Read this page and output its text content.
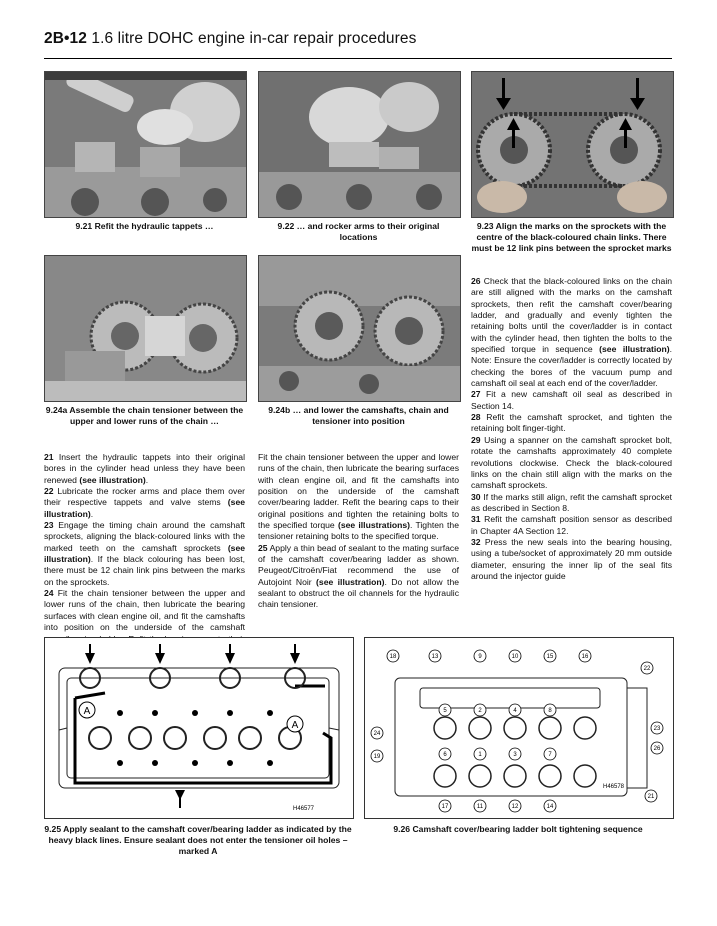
2B•12 1.6 litre DOHC engine in-car repair procedures
9.21 Refit the hydraulic tappets …	9.22 … and rocker arms to their original locations
9.23 Align the marks on the sprockets with the centre of the black-coloured chain links. There must be 12 link pins between the sprocket marks
9.24a Assemble the chain tensioner between the upper and lower runs of the chain …
9.24b … and lower the camshafts, chain and tensioner into position

26 Check that the black-coloured links on the chain are still aligned with the marks on the camshaft sprockets, then refit the camshaft cover/bearing ladder, and gradually and evenly tighten the retaining bolts until the cover/ladder is in contact with the cylinder head, then tighten the bolts to the specified torque in sequence (see illustration). Note: Ensure the cover/ladder is correctly located by checking the bores of the vacuum pump and camshaft oil seal at each end of the cover/ladder.

27 Fit a new camshaft oil seal as described in Section 14.

28 Refit the camshaft sprocket, and tighten the retaining bolt finger-tight.

29 Using a spanner on the camshaft sprocket bolt, rotate the camshafts approximately 40 complete revolutions clockwise. Check the black-coloured links on the chain still align with the marks on the camshaft sprockets.

30 If the marks still align, refit the camshaft sprocket as described in Section 8.

31 Refit the camshaft position sensor as described in Chapter 4A Section 12.

32 Press the new seals into the bearing housing, using a tube/socket of approximately 20 mm outside diameter, ensuring the inner lip of the seal fits around the injector guide

21 Insert the hydraulic tappets into their original bores in the cylinder head unless they have been renewed (see illustration).

22 Lubricate the rocker arms and place them over their respective tappets and valve stems (see illustration).

23 Engage the timing chain around the camshaft sprockets, aligning the black-coloured links with the marked teeth on the camshaft sprockets (see illustration). If the black colouring has been lost, there must be 12 chain link pins between the marks on the sprockets.

24 Fit the chain tensioner between the upper and lower runs of the chain, then lubricate the bearing surfaces with clean engine oil, and fit the camshafts into position on the underside of the camshaft

Fit the chain tensioner between the upper and lower runs of the chain, then lubricate the bearing surfaces with clean engine oil, and fit the camshafts into position on the underside of the camshaft cover/bearing ladder. Refit the bearing caps to their original positions and tighten the retaining bolts to the specified torque (see illustrations). Tighten the tensioner retaining bolts to the specified torque.

25 Apply a thin bead of sealant to the mating surface of the camshaft cover/bearing ladder as shown. Peugeot/Citroën/Fiat recommend the use of Autojoint Noir (see illustration). Do not allow the sealant to obstruct the oil channels for the hydraulic chain tensioner.

A
A
H46577
9.25 Apply sealant to the camshaft cover/bearing ladder as indicated by the heavy black lines. Ensure sealant does not enter the tensioner oil holes – marked A
18	13	9	10	15	16
22
5	2	4	8
24
23
26
19	6	1	3	7
17	11	12	14
21
H46578
9.26 Camshaft cover/bearing ladder bolt tightening sequence
